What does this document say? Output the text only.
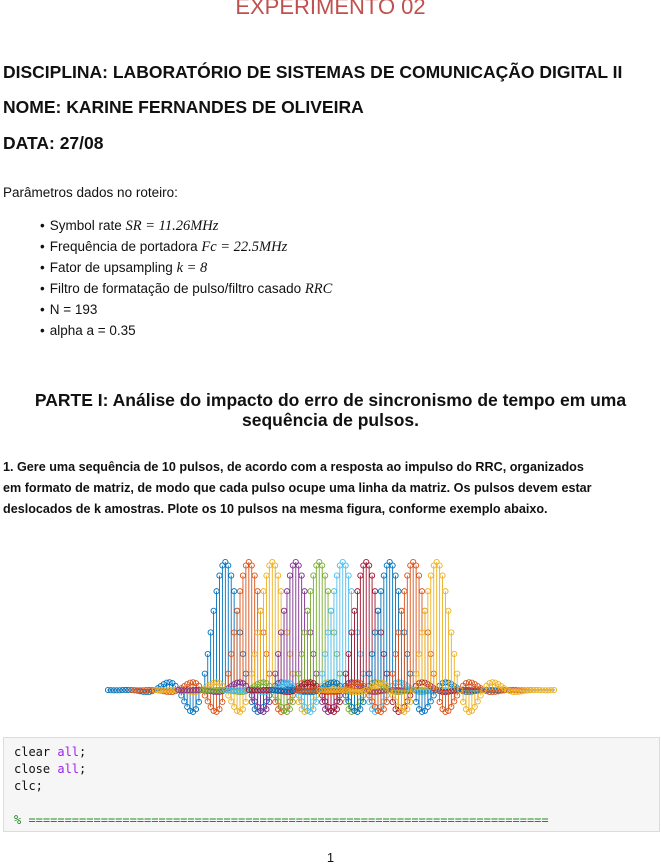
EXPERIMENTO 02
DISCIPLINA: LABORATÓRIO DE SISTEMAS DE COMUNICAÇÃO DIGITAL II
NOME: KARINE FERNANDES DE OLIVEIRA
DATA: 27/08
Parâmetros dados no roteiro:
• Symbol rate SR = 11.26MHz
• Frequência de portadora Fc = 22.5MHz
• Fator de upsampling k = 8
• Filtro de formatação de pulso/filtro casado RRC
• N = 193
• alpha a = 0.35
PARTE I: Análise do impacto do erro de sincronismo de tempo em uma
sequência de pulsos.
1. Gere uma sequência de 10 pulsos, de acordo com a resposta ao impulso do RRC, organizados
em formato de matriz, de modo que cada pulso ocupe uma linha da matriz. Os pulsos devem estar
deslocados de k amostras. Plote os 10 pulsos na mesma figura, conforme exemplo abaixo.
clear all;
close all;
clc;

% ========================================================================
1
